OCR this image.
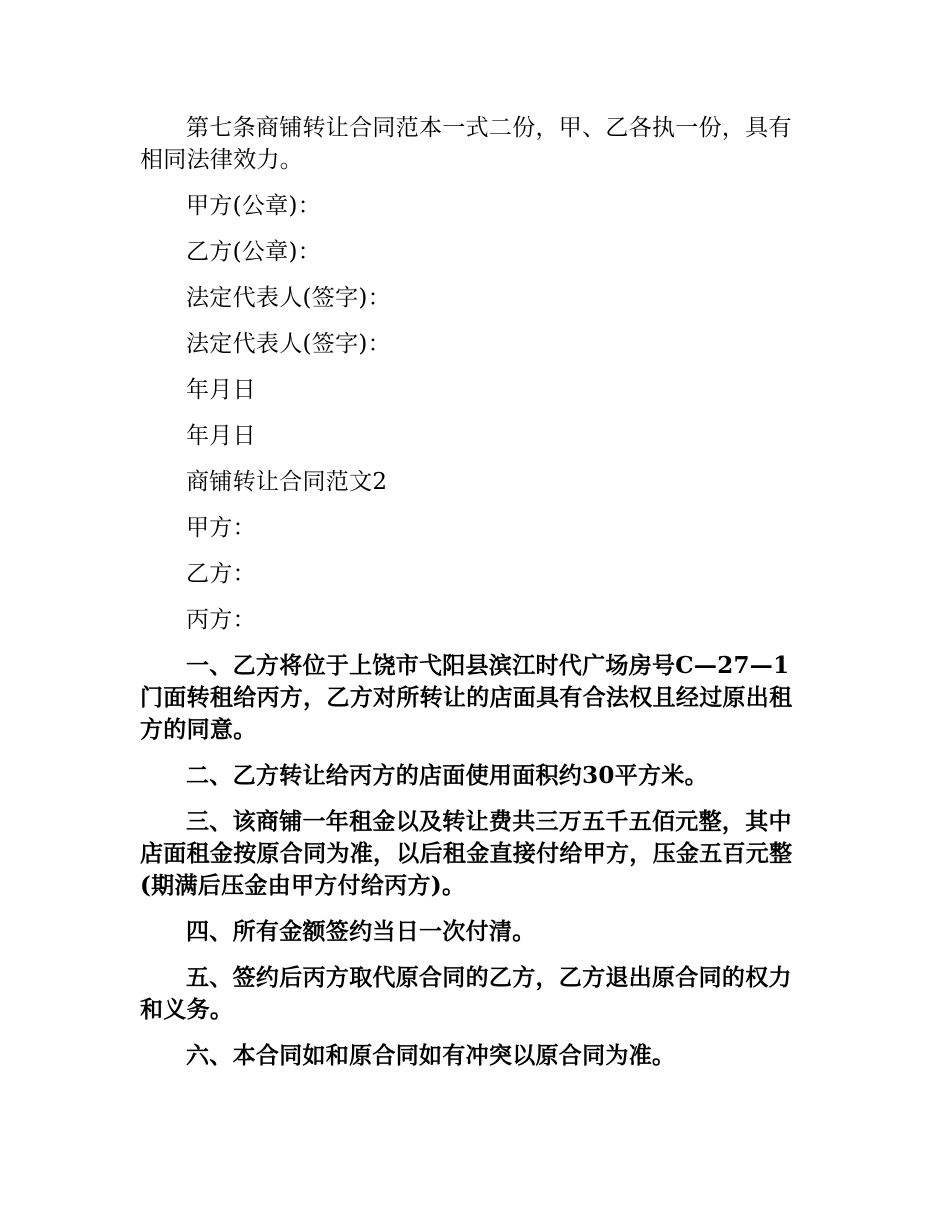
第七条商铺转让合同范本一式二份，甲、乙各执一份，具有相同法律效力。

甲方(公章)：

乙方(公章)：

法定代表人(签字)：

法定代表人(签字)：

年月日

年月日

商铺转让合同范文2

甲方：

乙方：

丙方：

一、乙方将位于上饶市弋阳县滨江时代广场房号C—27—1门面转租给丙方，乙方对所转让的店面具有合法权且经过原出租方的同意。

二、乙方转让给丙方的店面使用面积约30平方米。

三、该商铺一年租金以及转让费共三万五千五佰元整，其中店面租金按原合同为准，以后租金直接付给甲方，压金五百元整(期满后压金由甲方付给丙方)。

四、所有金额签约当日一次付清。

五、签约后丙方取代原合同的乙方，乙方退出原合同的权力和义务。

六、本合同如和原合同如有冲突以原合同为准。
